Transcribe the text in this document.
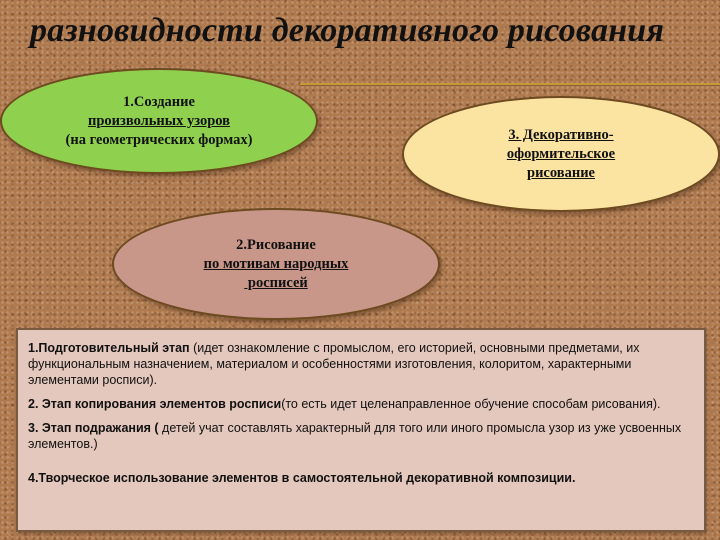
разновидности декоративного рисования
1.Создание
произвольных узоров
(на геометрических формах)	3. Декоративно-
оформительское
рисование
2.Рисование
по мотивам народных
росписей

1.Подготовительный этап (идет ознакомление с промыслом, его историей, основными предметами, их функциональным назначением, материалом и особенностями изготовления, колоритом, характерными элементами росписи).

2. Этап копирования элементов росписи(то есть идет целенаправленное обучение способам рисования).

3. Этап подражания ( детей учат составлять характерный для того или иного промысла узор из уже усвоенных элементов.)

4.Творческое использование элементов в самостоятельной декоративной композиции.
